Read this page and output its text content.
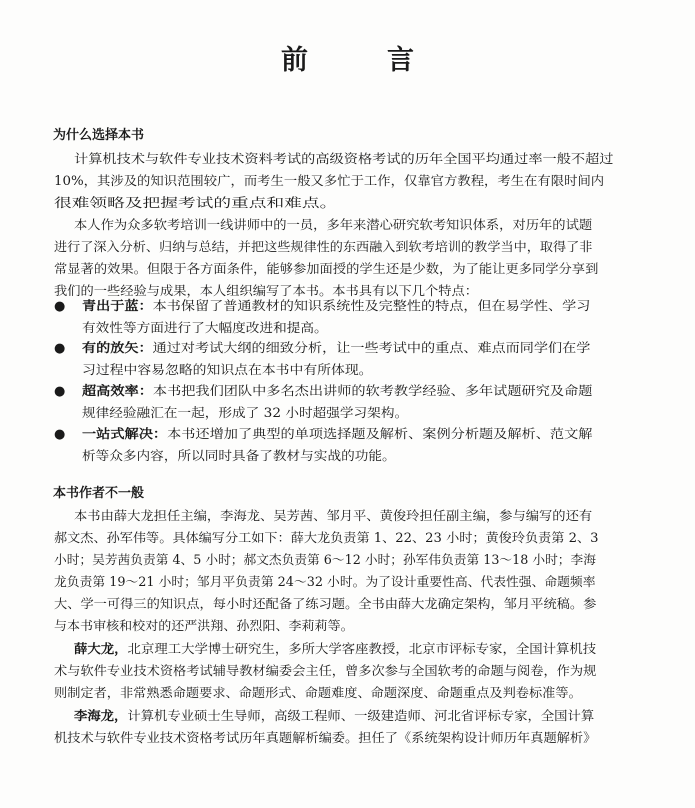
前　言
为什么选择本书
计算机技术与软件专业技术资料考试的高级资格考试的历年全国平均通过率一般不超过
10%，其涉及的知识范围较广，而考生一般又多忙于工作，仅靠官方教程，考生在有限时间内
很难领略及把握考试的重点和难点。
本人作为众多软考培训一线讲师中的一员，多年来潜心研究软考知识体系，对历年的试题
进行了深入分析、归纳与总结，并把这些规律性的东西融入到软考培训的教学当中，取得了非
常显著的效果。但限于各方面条件，能够参加面授的学生还是少数，为了能让更多同学分享到
我们的一些经验与成果，本人组织编写了本书。本书具有以下几个特点：
● 青出于蓝：本书保留了普通教材的知识系统性及完整性的特点，但在易学性、学习
有效性等方面进行了大幅度改进和提高。
● 有的放矢：通过对考试大纲的细致分析，让一些考试中的重点、难点而同学们在学
习过程中容易忽略的知识点在本书中有所体现。
● 超高效率：本书把我们团队中多名杰出讲师的软考教学经验、多年试题研究及命题
规律经验融汇在一起，形成了 32 小时超强学习架构。
● 一站式解决：本书还增加了典型的单项选择题及解析、案例分析题及解析、范文解
析等众多内容，所以同时具备了教材与实战的功能。
本书作者不一般
本书由薛大龙担任主编，李海龙、吴芳茜、邹月平、黄俊玲担任副主编，参与编写的还有
郝文杰、孙军伟等。具体编写分工如下：薛大龙负责第 1、22、23 小时；黄俊玲负责第 2、3
小时；吴芳茜负责第 4、5 小时；郝文杰负责第 6～12 小时；孙军伟负责第 13～18 小时；李海
龙负责第 19～21 小时；邹月平负责第 24～32 小时。为了设计重要性高、代表性强、命题频率
大、学一可得三的知识点，每小时还配备了练习题。全书由薛大龙确定架构，邹月平统稿。参
与本书审核和校对的还严洪翔、孙烈阳、李莉莉等。
薛大龙，北京理工大学博士研究生，多所大学客座教授，北京市评标专家，全国计算机技
术与软件专业技术资格考试辅导教材编委会主任，曾多次参与全国软考的命题与阅卷，作为规
则制定者，非常熟悉命题要求、命题形式、命题难度、命题深度、命题重点及判卷标准等。
李海龙，计算机专业硕士生导师，高级工程师、一级建造师、河北省评标专家，全国计算
机技术与软件专业技术资格考试历年真题解析编委。担任了《系统架构设计师历年真题解析》
